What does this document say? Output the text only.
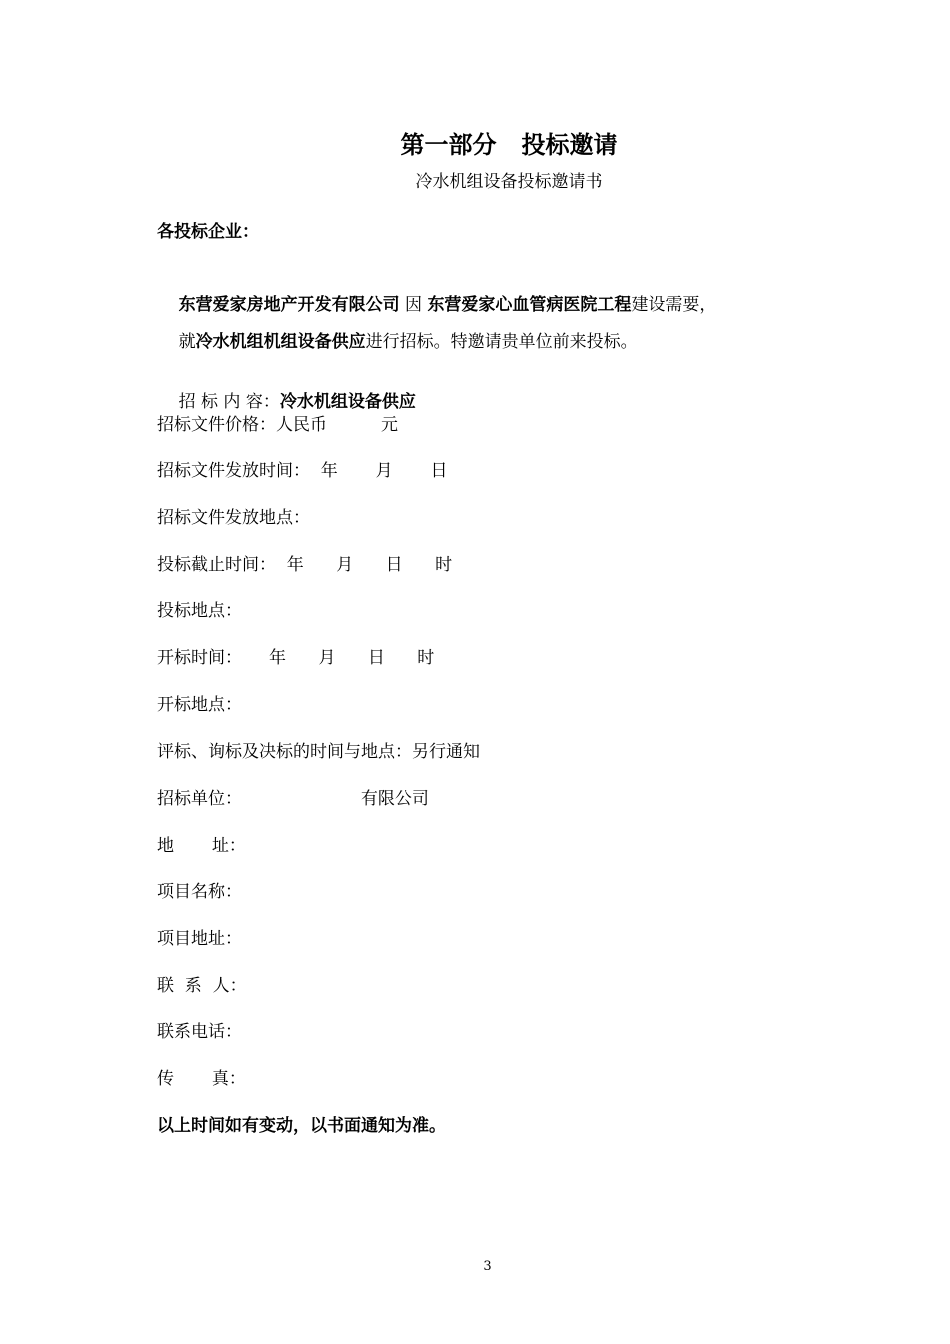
第一部分   投标邀请
冷水机组设备投标邀请书
各投标企业：

东营爱家房地产开发有限公司 因 东营爱家心血管病医院工程建设需要，

就冷水机组机组设备供应进行招标。特邀请贵单位前来投标。

招 标 内 容：冷水机组设备供应

招标文件价格：人民币          元
招标文件发放时间：  年       月       日
招标文件发放地点：
投标截止时间：  年      月      日      时
投标地点：
开标时间：     年      月      日      时
开标地点：
评标、询标及决标的时间与地点：另行通知
招标单位：                      有限公司
地       址：
项目名称：
项目地址：
联  系  人：
联系电话：
传       真：
以上时间如有变动，以书面通知为准。
3
